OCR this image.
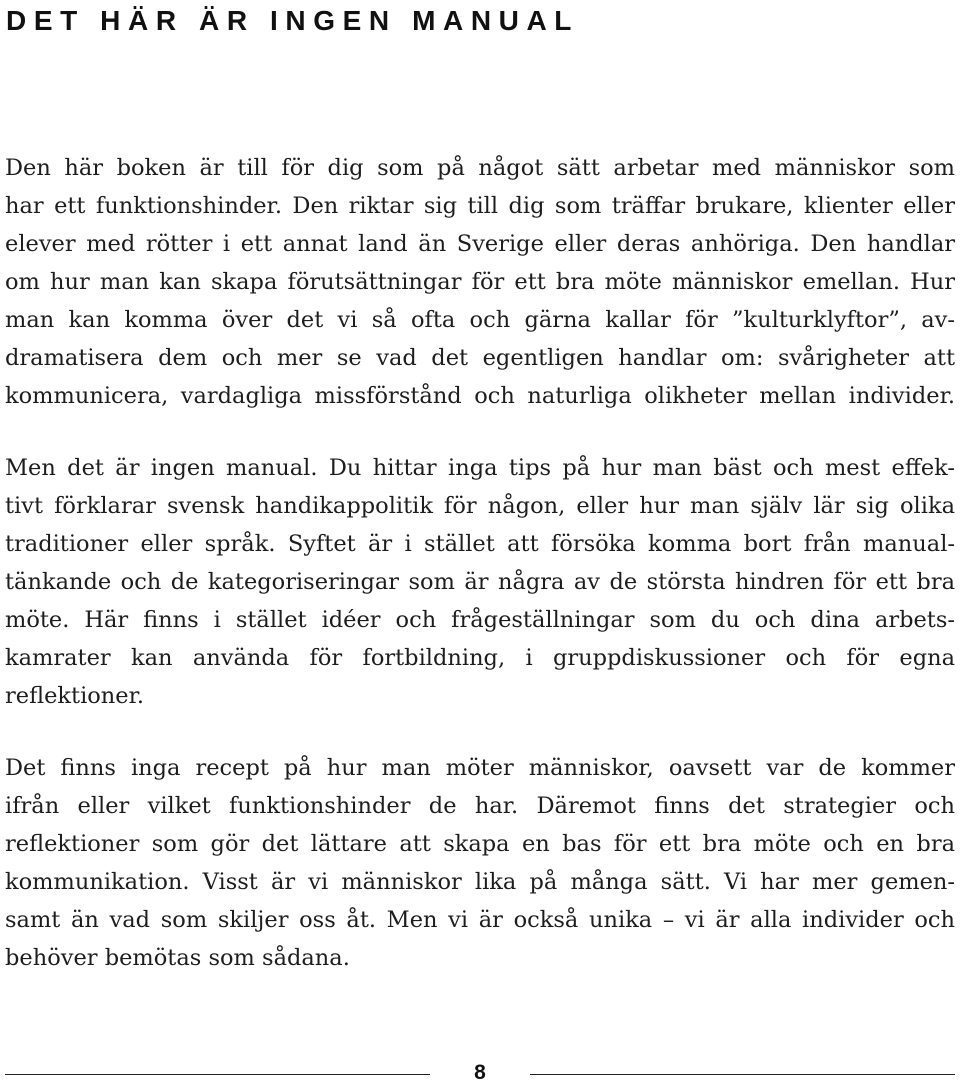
DET HÄR ÄR INGEN MANUAL
Den här boken är till för dig som på något sätt arbetar med människor som
har ett funktionshinder. Den riktar sig till dig som träffar brukare, klienter eller
elever med rötter i ett annat land än Sverige eller deras anhöriga. Den handlar
om hur man kan skapa förutsättningar för ett bra möte människor emellan. Hur
man kan komma över det vi så ofta och gärna kallar för ”kulturklyftor”, av-
dramatisera dem och mer se vad det egentligen handlar om: svårigheter att
kommunicera, vardagliga missförstånd och naturliga olikheter mellan individer.
Men det är ingen manual. Du hittar inga tips på hur man bäst och mest effek-
tivt förklarar svensk handikappolitik för någon, eller hur man själv lär sig olika
traditioner eller språk. Syftet är i stället att försöka komma bort från manual-
tänkande och de kategoriseringar som är några av de största hindren för ett bra
möte. Här finns i stället idéer och frågeställningar som du och dina arbets-
kamrater kan använda för fortbildning, i gruppdiskussioner och för egna
reflektioner.
Det finns inga recept på hur man möter människor, oavsett var de kommer
ifrån eller vilket funktionshinder de har. Däremot finns det strategier och
reflektioner som gör det lättare att skapa en bas för ett bra möte och en bra
kommunikation. Visst är vi människor lika på många sätt. Vi har mer gemen-
samt än vad som skiljer oss åt. Men vi är också unika – vi är alla individer och
behöver bemötas som sådana.
8
